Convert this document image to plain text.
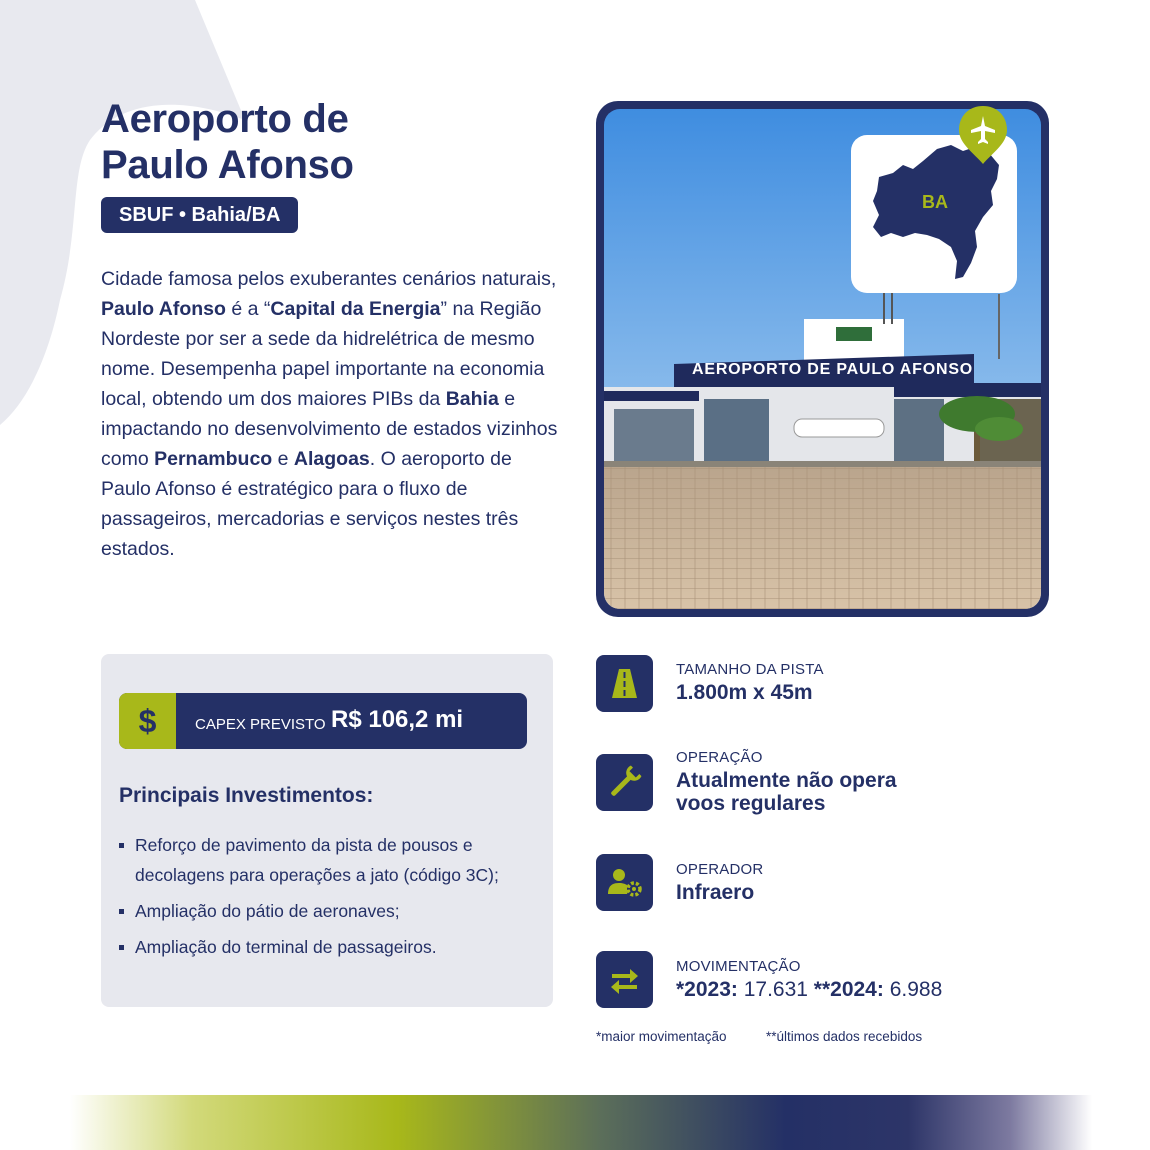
Aeroporto de
Paulo Afonso
SBUF • Bahia/BA

Cidade famosa pelos exuberantes cenários naturais, Paulo Afonso é a “Capital da Energia” na Região Nordeste por ser a sede da hidrelétrica de mesmo nome. Desempenha papel importante na economia local, obtendo um dos maiores PIBs da Bahia e impactando no desenvolvimento de estados vizinhos como Pernambuco e Alagoas. O aeroporto de Paulo Afonso é estratégico para o fluxo de passageiros, mercadorias e serviços nestes três estados.

AEROPORTO DE PAULO AFONSO
BA
$	CAPEX PREVISTO R$ 106,2 mi
Principais Investimentos:
Reforço de pavimento da pista de pousos e decolagens para operações a jato (código 3C);
Ampliação do pátio de aeronaves;
Ampliação do terminal de passageiros.
TAMANHO DA PISTA
1.800m x 45m
OPERAÇÃO
Atualmente não opera
voos regulares
OPERADOR
Infraero
MOVIMENTAÇÃO
*2023: 17.631 **2024: 6.988
*maior movimentação	**últimos dados recebidos
